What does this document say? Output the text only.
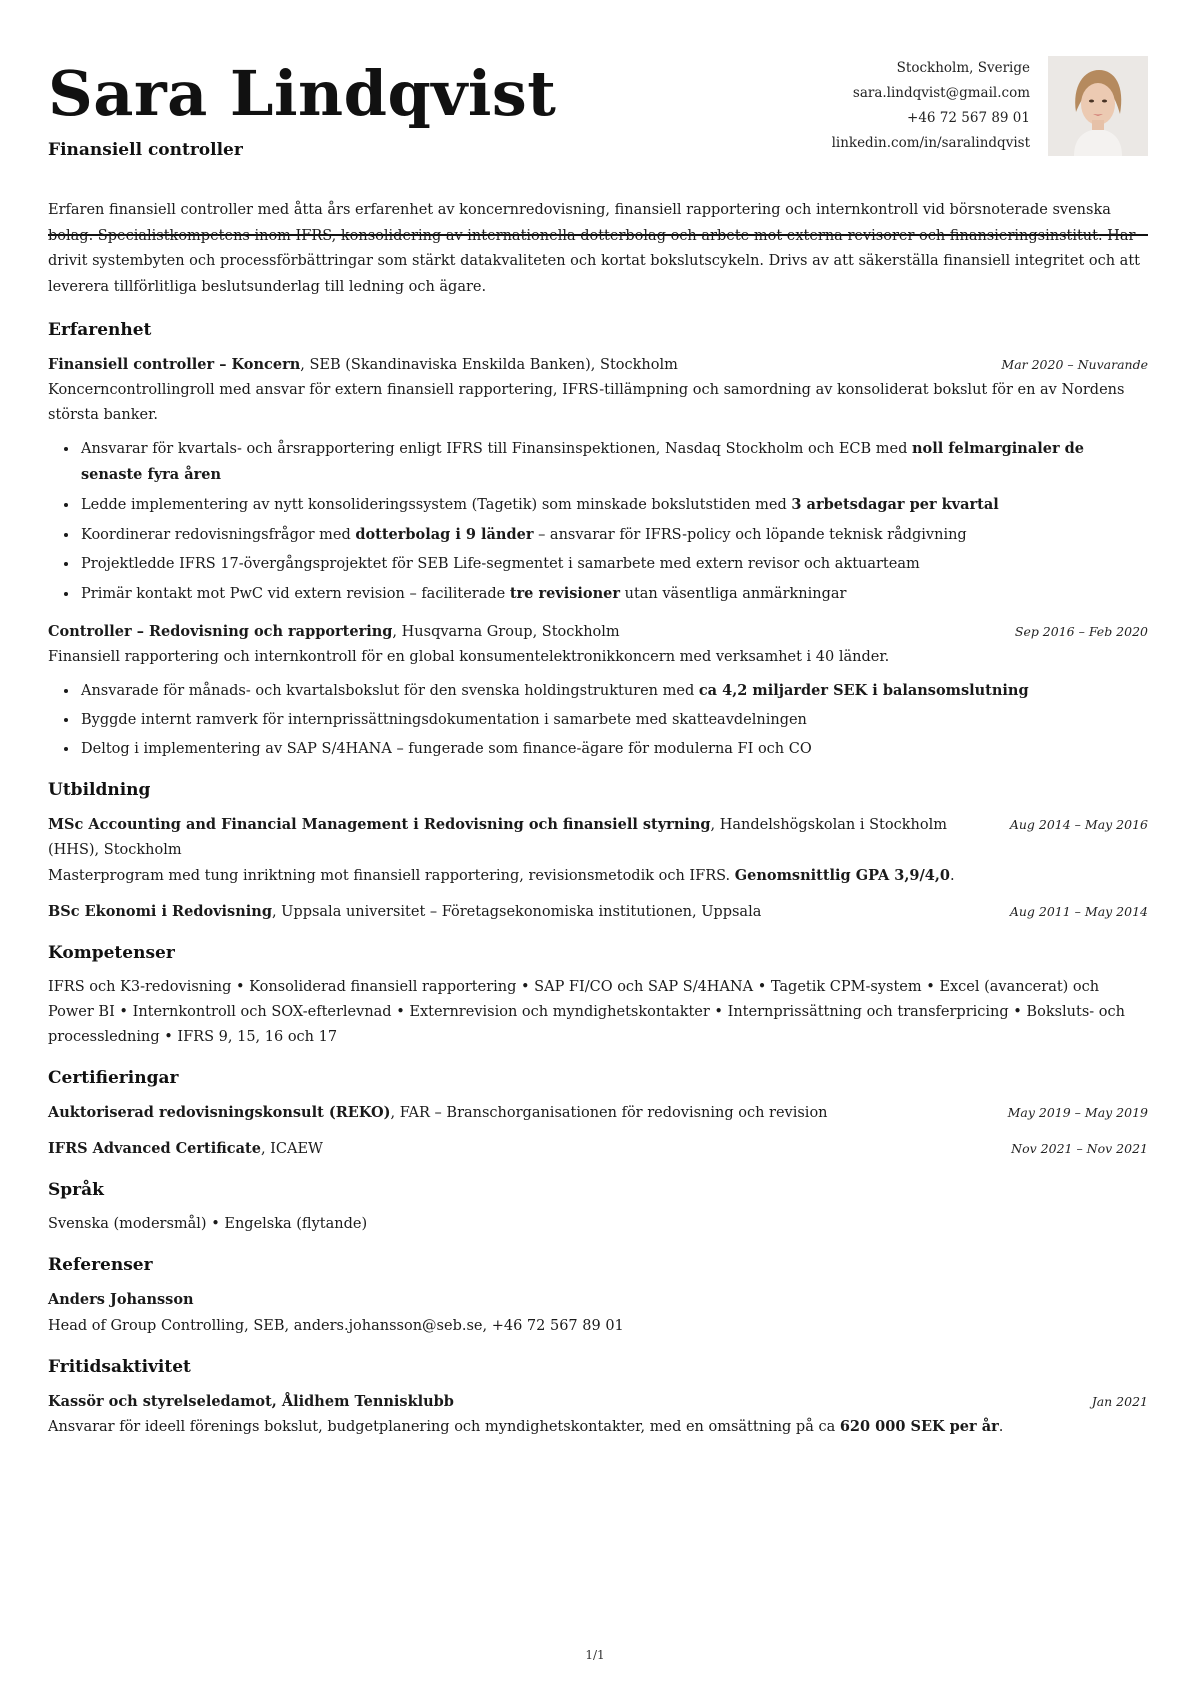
Sara Lindqvist
Finansiell controller
Stockholm, Sverige
sara.lindqvist@gmail.com
+46 72 567 89 01
linkedin.com/in/saralindqvist

Erfaren finansiell controller med åtta års erfarenhet av koncernredovisning, finansiell rapportering och internkontroll vid börsnoterade svenska bolag. Specialistkompetens inom IFRS, konsolidering av internationella dotterbolag och arbete mot externa revisorer och finansieringsinstitut. Har drivit systembyten och processförbättringar som stärkt datakvaliteten och kortat bokslutscykeln. Drivs av att säkerställa finansiell integritet och att leverera tillförlitliga beslutsunderlag till ledning och ägare.

Erfarenhet
Finansiell controller – Koncern, SEB (Skandinaviska Enskilda Banken), Stockholm	Mar 2020 – Nuvarande

Koncerncontrollingroll med ansvar för extern finansiell rapportering, IFRS-tillämpning och samordning av konsoliderat bokslut för en av Nordens största banker.

• Ansvarar för kvartals- och årsrapportering enligt IFRS till Finansinspektionen, Nasdaq Stockholm och ECB med noll felmarginaler de senaste fyra åren
• Ledde implementering av nytt konsolideringssystem (Tagetik) som minskade bokslutstiden med 3 arbetsdagar per kvartal
• Koordinerar redovisningsfrågor med dotterbolag i 9 länder – ansvarar för IFRS-policy och löpande teknisk rådgivning
• Projektledde IFRS 17-övergångsprojektet för SEB Life-segmentet i samarbete med extern revisor och aktuarteam
• Primär kontakt mot PwC vid extern revision – faciliterade tre revisioner utan väsentliga anmärkningar
Controller – Redovisning och rapportering, Husqvarna Group, Stockholm	Sep 2016 – Feb 2020

Finansiell rapportering och internkontroll för en global konsumentelektronikkoncern med verksamhet i 40 länder.

• Ansvarade för månads- och kvartalsbokslut för den svenska holdingstrukturen med ca 4,2 miljarder SEK i balansomslutning
• Byggde internt ramverk för internprissättningsdokumentation i samarbete med skatteavdelningen
• Deltog i implementering av SAP S/4HANA – fungerade som finance-ägare för modulerna FI och CO
Utbildning
MSc Accounting and Financial Management i Redovisning och finansiell styrning, Handelshögskolan i Stockholm (HHS), Stockholm
Aug 2014 – May 2016

Masterprogram med tung inriktning mot finansiell rapportering, revisionsmetodik och IFRS. Genomsnittlig GPA 3,9/4,0.

BSc Ekonomi i Redovisning, Uppsala universitet – Företagsekonomiska institutionen, Uppsala	Aug 2011 – May 2014
Kompetenser

IFRS och K3-redovisning • Konsoliderad finansiell rapportering • SAP FI/CO och SAP S/4HANA • Tagetik CPM-system • Excel (avancerat) och Power BI • Internkontroll och SOX-efterlevnad • Externrevision och myndighetskontakter • Internprissättning och transferpricing • Boksluts- och processledning • IFRS 9, 15, 16 och 17

Certifieringar
Auktoriserad redovisningskonsult (REKO), FAR – Branschorganisationen för redovisning och revision	May 2019 – May 2019
IFRS Advanced Certificate, ICAEW	Nov 2021 – Nov 2021
Språk

Svenska (modersmål) • Engelska (flytande)

Referenser

Anders Johansson

Head of Group Controlling, SEB, anders.johansson@seb.se, +46 72 567 89 01

Fritidsaktivitet
Kassör och styrelseledamot, Ålidhem Tennisklubb	Jan 2021

Ansvarar för ideell förenings bokslut, budgetplanering och myndighetskontakter, med en omsättning på ca 620 000 SEK per år.

1/1
